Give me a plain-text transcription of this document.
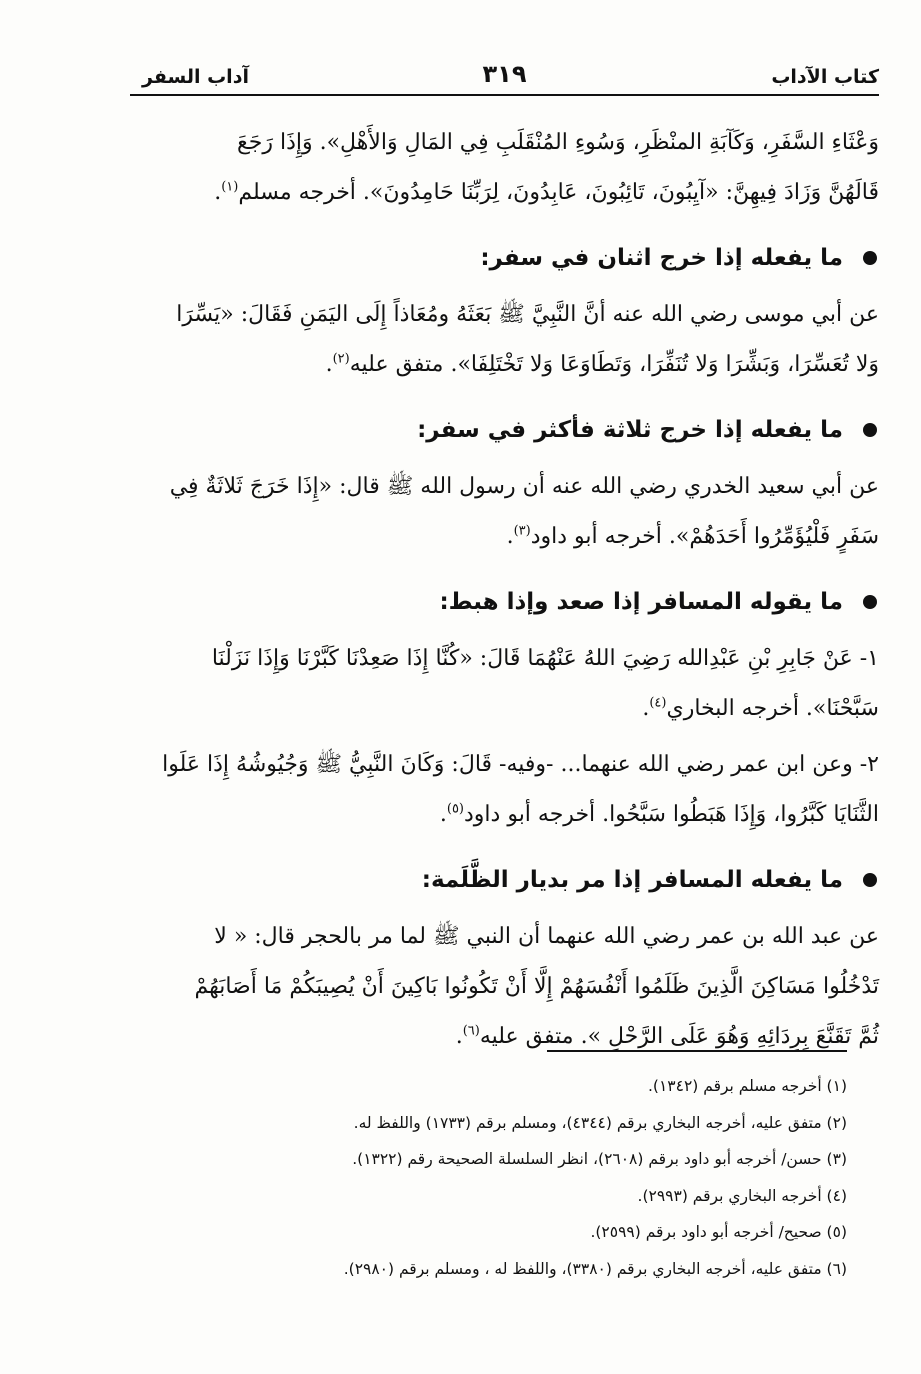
كتاب الآداب
٣١٩
آداب السفر

وَعْثَاءِ السَّفَرِ، وَكَآبَةِ المنْظَرِ، وَسُوءِ المُنْقَلَبِ فِي المَالِ وَالأَهْلِ». وَإِذَا رَجَعَ
قَالَهُنَّ وَزَادَ فِيهِنَّ: «آيِبُونَ، تَائِبُونَ، عَابِدُونَ، لِرَبِّنَا حَامِدُونَ». أخرجه مسلم$^{(١)}$.

ما يفعله إذا خرج اثنان في سفر:

عن أبي موسى رضي الله عنه أنَّ النَّبِيَّ ﷺ بَعَثَهُ ومُعَاذاً إِلَى اليَمَنِ فَقَالَ: «يَسِّرَا
وَلا تُعَسِّرَا، وَبَشِّرَا وَلا تُنَفِّرَا، وَتَطَاوَعَا وَلا تَخْتَلِفَا». متفق عليه$^{(٢)}$.

ما يفعله إذا خرج ثلاثة فأكثر في سفر:

عن أبي سعيد الخدري رضي الله عنه أن رسول الله ﷺ قال: «إِذَا خَرَجَ ثَلاثَةٌ فِي
سَفَرٍ فَلْيُؤَمِّرُوا أَحَدَهُمْ». أخرجه أبو داود$^{(٣)}$.

ما يقوله المسافر إذا صعد وإذا هبط:

١- عَنْ جَابِرِ بْنِ عَبْدِالله رَضِيَ اللهُ عَنْهُمَا قَالَ: «كُنَّا إِذَا صَعِدْنَا كَبَّرْنَا وَإِذَا نَزَلْنَا
سَبَّحْنَا». أخرجه البخاري$^{(٤)}$.

٢- وعن ابن عمر رضي الله عنهما... -وفيه- قَالَ: وَكَانَ النَّبِيُّ ﷺ وَجُيُوشُهُ إِذَا عَلَوا
الثَّنَايَا كَبَّرُوا، وَإِذَا هَبَطُوا سَبَّحُوا. أخرجه أبو داود$^{(٥)}$.

ما يفعله المسافر إذا مر بديار الظَّلَمة:

عن عبد الله بن عمر رضي الله عنهما أن النبي ﷺ لما مر بالحجر قال: « لا
تَدْخُلُوا مَسَاكِنَ الَّذِينَ ظَلَمُوا أَنْفُسَهُمْ إِلَّا أَنْ تَكُونُوا بَاكِينَ أَنْ يُصِيبَكُمْ مَا أَصَابَهُمْ
ثُمَّ تَقَنَّعَ بِرِدَائِهِ وَهُوَ عَلَى الرَّحْلِ ». متفق عليه$^{(٦)}$.

(١) أخرجه مسلم برقم (١٣٤٢).
(٢) متفق عليه، أخرجه البخاري برقم (٤٣٤٤)، ومسلم برقم (١٧٣٣) واللفظ له.
(٣) حسن/ أخرجه أبو داود برقم (٢٦٠٨)، انظر السلسلة الصحيحة رقم (١٣٢٢).
(٤) أخرجه البخاري برقم (٢٩٩٣).
(٥) صحيح/ أخرجه أبو داود برقم (٢٥٩٩).
(٦) متفق عليه، أخرجه البخاري برقم (٣٣٨٠)، واللفظ له ، ومسلم برقم (٢٩٨٠).
